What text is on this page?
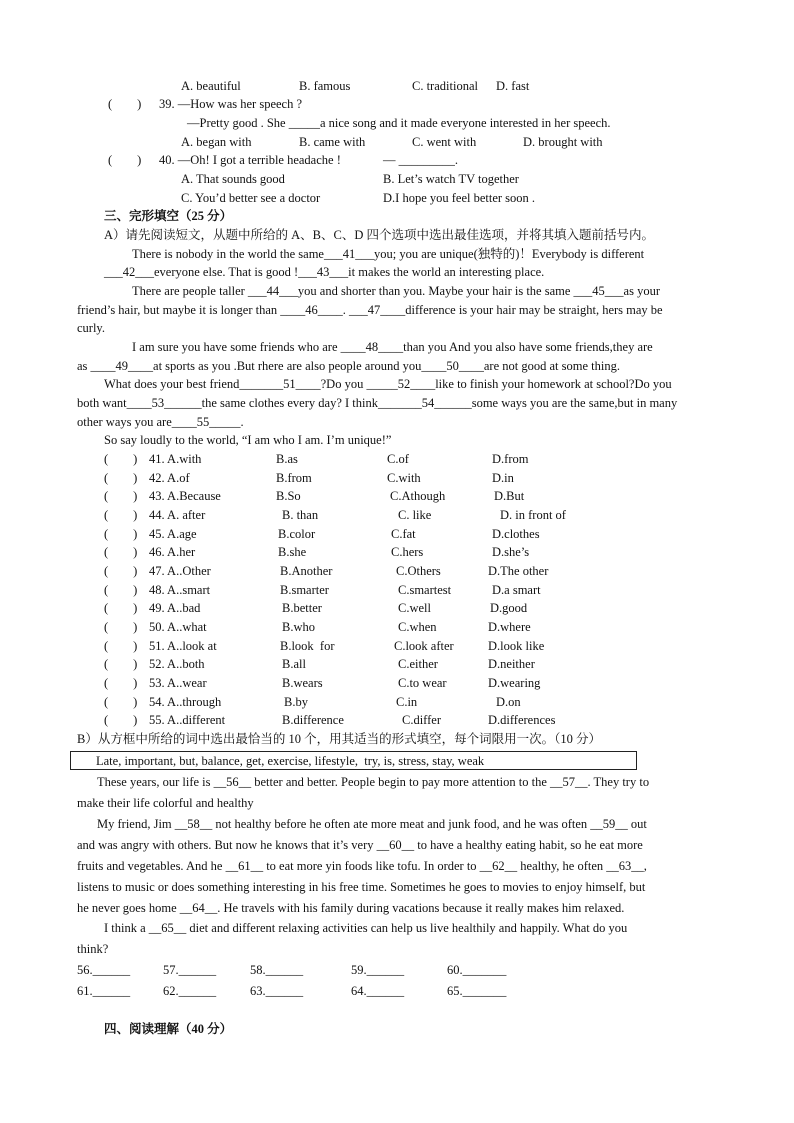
A. beautiful	B. famous	C. traditional D. fast
(        ) 39. —How was her speech ?
—Pretty good . She _____a nice song and it made everyone interested in her speech.
A. began with	B. came with	C. went with	D. brought with
(        ) 40. —Oh! I got a terrible headache !	— _________.
A. That sounds good	B. Let’s watch TV together
C. You’d better see a doctor	D.I hope you feel better soon .
三、完形填空（25 分）
A）请先阅读短文，从题中所给的 A、B、C、D 四个选项中选出最佳选项，并将其填入题前括号内。
There is nobody in the world the same___41___you; you are unique(独特的)！Everybody is different
___42___everyone else. That is good !___43___it makes the world an interesting place.
There are people taller ___44___you and shorter than you. Maybe your hair is the same ___45___as your
friend’s hair, but maybe it is longer than ____46____. ___47____difference is your hair may be straight, hers may be
curly.
I am sure you have some friends who are ____48____than you And you also have some friends,they are
as ____49____at sports as you .But rhere are also people around you____50____are not good at some thing.
What does your best friend_______51____?Do you _____52____like to finish your homework at school?Do you
both want____53______the same clothes every day? I think_______54______some ways you are the same,but in many
other ways you are____55_____.
So say loudly to the world, “I am who I am. I’m unique!”
(        ) 41. A.with	B.as	C.of	D.from
(        ) 42. A.of	B.from	C.with	D.in
(        ) 43. A.Because	B.So	C.Athough	D.But
(        ) 44. A. after	B. than	C. like	D. in front of
(        ) 45. A.age	B.color	C.fat	D.clothes
(        ) 46. A.her	B.she	C.hers	D.she’s
(        ) 47. A..Other	B.Another	C.Others	D.The other
(        ) 48. A..smart	B.smarter	C.smartest	D.a smart
(        ) 49. A..bad	B.better	C.well	D.good
(        ) 50. A..what	B.who	C.when	D.where
(        ) 51. A..look at	B.look  for	C.look after	D.look like
(        ) 52. A..both	B.all	C.either	D.neither
(        ) 53. A..wear	B.wears	C.to wear	D.wearing
(        ) 54. A..through	B.by	C.in	D.on
(        ) 55. A..different	B.difference	C.differ	D.differences
B）从方框中所给的词中选出最恰当的 10 个，用其适当的形式填空，每个词限用一次。（10 分）
Late, important, but, balance, get, exercise, lifestyle,  try, is, stress, stay, weak
These years, our life is __56__ better and better. People begin to pay more attention to the __57__. They try to
make their life colorful and healthy
My friend, Jim __58__ not healthy before he often ate more meat and junk food, and he was often __59__ out
and was angry with others. But now he knows that it’s very __60__ to have a healthy eating habit, so he eat more
fruits and vegetables. And he __61__ to eat more yin foods like tofu. In order to __62__ healthy, he often __63__,
listens to music or does something interesting in his free time. Sometimes he goes to movies to enjoy himself, but
he never goes home __64__. He travels with his family during vacations because it really makes him relaxed.
I think a __65__ diet and different relaxing activities can help us live healthily and happily. What do you
think?
56.______	57.______	58.______	59.______	60._______
61.______	62.______	63.______	64.______	65._______
四、阅读理解（40 分）
